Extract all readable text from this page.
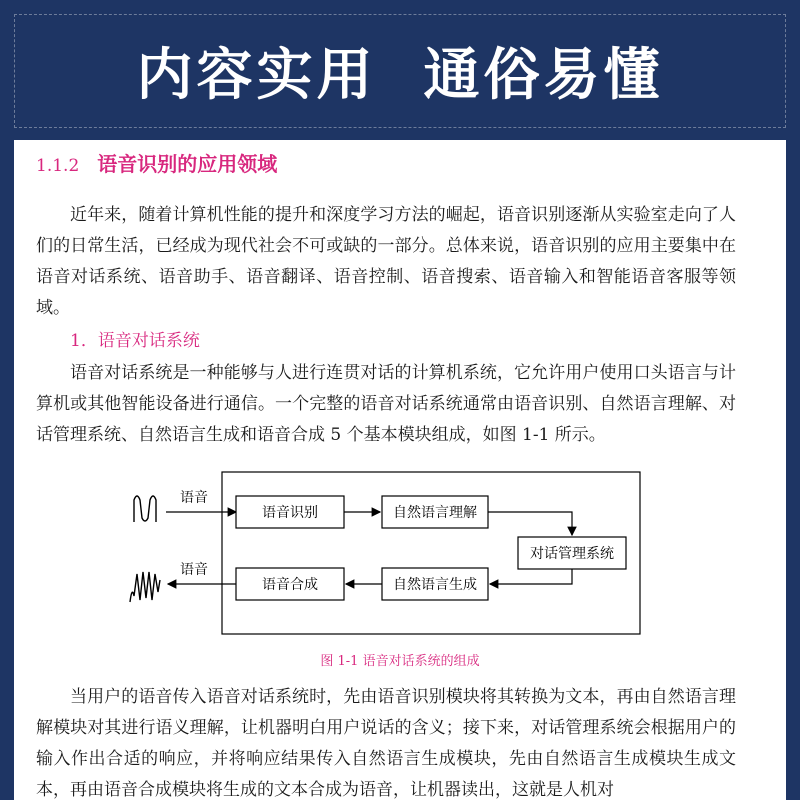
内容实用  通俗易懂
1.1.2 语音识别的应用领域

近年来，随着计算机性能的提升和深度学习方法的崛起，语音识别逐渐从实验室走向了人们的日常生活，已经成为现代社会不可或缺的一部分。总体来说，语音识别的应用主要集中在语音对话系统、语音助手、语音翻译、语音控制、语音搜索、语音输入和智能语音客服等领域。

1．语音对话系统

语音对话系统是一种能够与人进行连贯对话的计算机系统，它允许用户使用口头语言与计算机或其他智能设备进行通信。一个完整的语音对话系统通常由语音识别、自然语言理解、对话管理系统、自然语言生成和语音合成 5 个基本模块组成，如图 1-1 所示。

语音
语音
语音识别	自然语言理解
对话管理系统
自然语言生成
语音合成
图 1-1 语音对话系统的组成

当用户的语音传入语音对话系统时，先由语音识别模块将其转换为文本，再由自然语言理解模块对其进行语义理解，让机器明白用户说话的含义；接下来，对话管理系统会根据用户的输入作出合适的响应，并将响应结果传入自然语言生成模块，先由自然语言生成模块生成文本，再由语音合成模块将生成的文本合成为语音，让机器读出，这就是人机对
